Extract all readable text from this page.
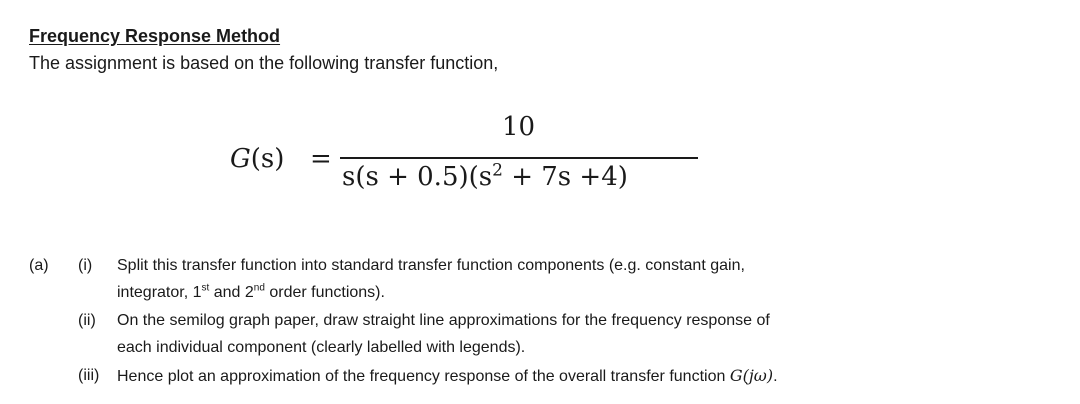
Frequency Response Method
The assignment is based on the following transfer function,
G(s) =
10
$s(s + 0.5)(s^2 + 7s +4)$
(a) (i) Split this transfer function into standard transfer function components (e.g. constant gain,
integrator, 1st and 2nd order functions).
(ii) On the semilog graph paper, draw straight line approximations for the frequency response of
each individual component (clearly labelled with legends).
(iii) Hence plot an approximation of the frequency response of the overall transfer function G(jω).
